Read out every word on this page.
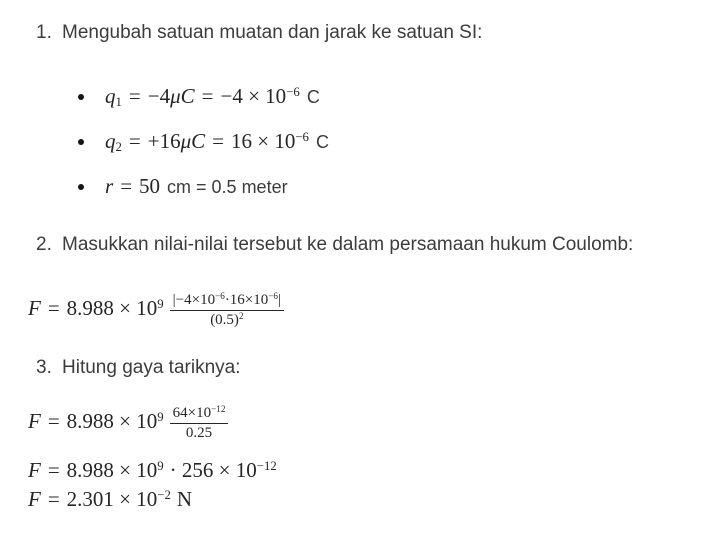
1. Mengubah satuan muatan dan jarak ke satuan SI:
$q_1 = -4\mu C = -4 \times 10^{-6}$ C
$q_2 = +16\mu C = 16 \times 10^{-6}$ C
r = 50 cm = 0.5 meter
2. Masukkan nilai-nilai tersebut ke dalam persamaan hukum Coulomb:
$F = 8.988 \times 10^9 \frac{|-4\times 10^{-6}\cdot 16\times 10^{-6}|}{(0.5)^2}$
3. Hitung gaya tariknya:
$F = 8.988 \times 10^9 \frac{64\times 10^{-12}}{0.25}$
$F = 8.988 \times 10^9 \cdot 256 \times 10^{-12}$
$F = 2.301 \times 10^{-2}$ N
